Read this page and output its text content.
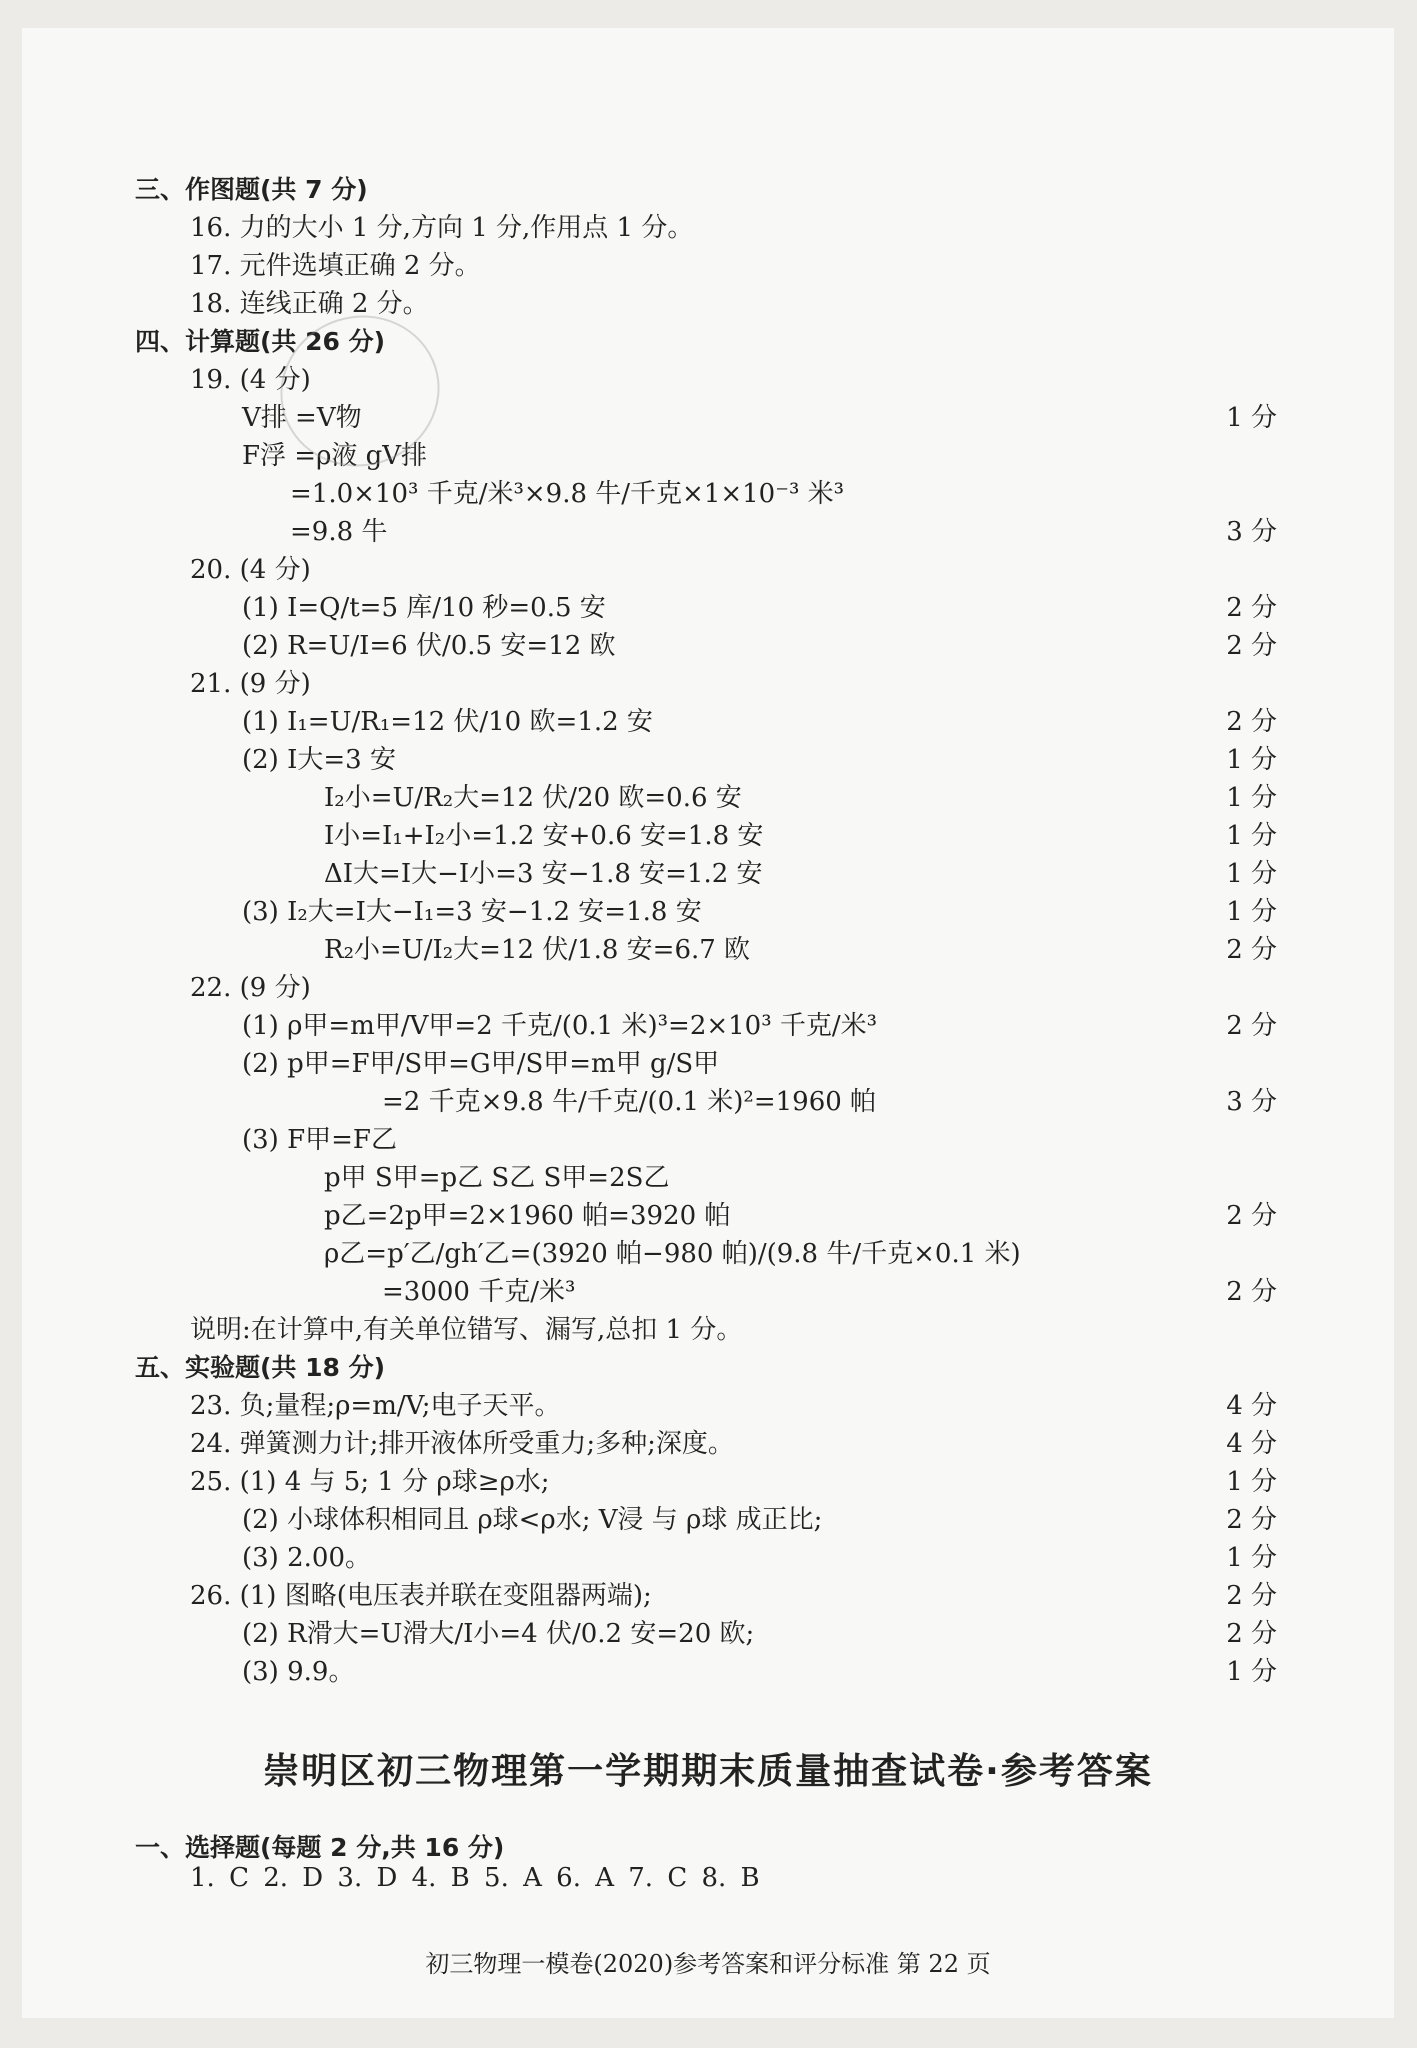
三、作图题(共 7 分)
16. 力的大小 1 分,方向 1 分,作用点 1 分。
17. 元件选填正确 2 分。
18. 连线正确 2 分。
四、计算题(共 26 分)
19. (4 分)
V排 =V物	1 分
F浮 =ρ液 gV排
=1.0×10³ 千克/米³×9.8 牛/千克×1×10⁻³ 米³
=9.8 牛	3 分
20. (4 分)
(1) I=Q/t=5 库/10 秒=0.5 安	2 分
(2) R=U/I=6 伏/0.5 安=12 欧	2 分
21. (9 分)
(1) I₁=U/R₁=12 伏/10 欧=1.2 安	2 分
(2) I大=3 安	1 分
I₂小=U/R₂大=12 伏/20 欧=0.6 安	1 分
I小=I₁+I₂小=1.2 安+0.6 安=1.8 安	1 分
ΔI大=I大−I小=3 安−1.8 安=1.2 安	1 分
(3) I₂大=I大−I₁=3 安−1.2 安=1.8 安	1 分
R₂小=U/I₂大=12 伏/1.8 安=6.7 欧	2 分
22. (9 分)
(1) ρ甲=m甲/V甲=2 千克/(0.1 米)³=2×10³ 千克/米³	2 分
(2) p甲=F甲/S甲=G甲/S甲=m甲 g/S甲
=2 千克×9.8 牛/千克/(0.1 米)²=1960 帕	3 分
(3) F甲=F乙
p甲 S甲=p乙 S乙 S甲=2S乙
p乙=2p甲=2×1960 帕=3920 帕	2 分
ρ乙=p′乙/gh′乙=(3920 帕−980 帕)/(9.8 牛/千克×0.1 米)
=3000 千克/米³	2 分
说明:在计算中,有关单位错写、漏写,总扣 1 分。
五、实验题(共 18 分)
23. 负;量程;ρ=m/V;电子天平。	4 分
24. 弹簧测力计;排开液体所受重力;多种;深度。	4 分
25. (1) 4 与 5; 1 分 ρ球≥ρ水;	1 分
(2) 小球体积相同且 ρ球<ρ水; V浸 与 ρ球 成正比;	2 分
(3) 2.00。	1 分
26. (1) 图略(电压表并联在变阻器两端);	2 分
(2) R滑大=U滑大/I小=4 伏/0.2 安=20 欧;	2 分
(3) 9.9。	1 分
崇明区初三物理第一学期期末质量抽查试卷·参考答案
一、选择题(每题 2 分,共 16 分)
1. C 2. D 3. D 4. B 5. A 6. A 7. C 8. B
初三物理一模卷(2020)参考答案和评分标准 第 22 页
